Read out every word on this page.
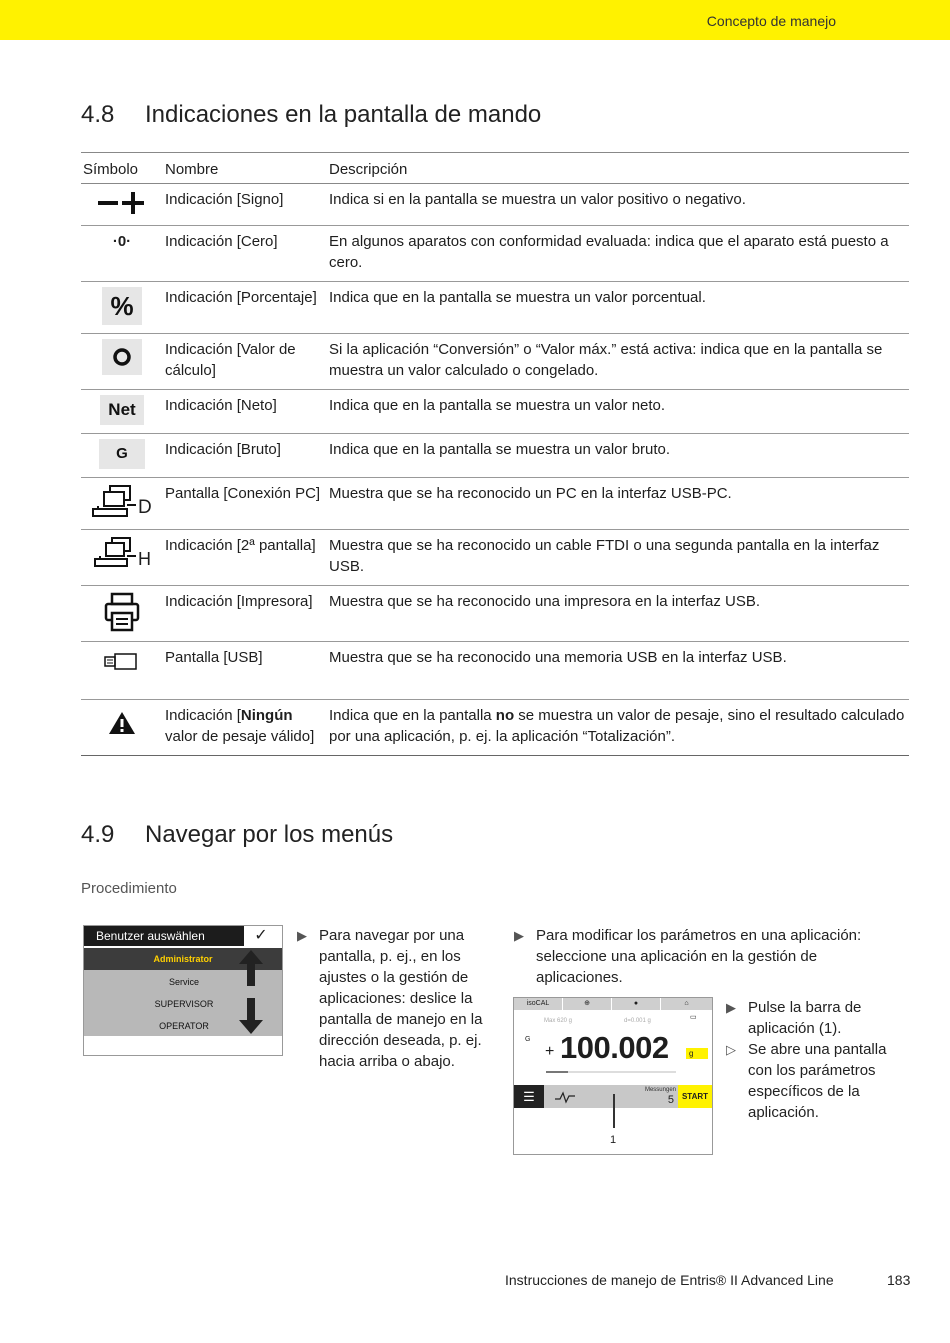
Concepto de manejo
4.8 Indicaciones en la pantalla de mando
Símbolo	Nombre	Descripción
	Indicación [Signo]	Indica si en la pantalla se muestra un valor positivo o negativo.
·0·	Indicación [Cero]	En algunos aparatos con conformidad evaluada: indica que el aparato está puesto a cero.
%	Indicación [Porcentaje]	Indica que en la pantalla se muestra un valor porcentual.
	Indicación [Valor de cálculo]	Si la aplicación “Conversión” o “Valor máx.” está activa: indica que en la pantalla se muestra un valor calculado o congelado.
Net	Indicación [Neto]	Indica que en la pantalla se muestra un valor neto.
G	Indicación [Bruto]	Indica que en la pantalla se muestra un valor bruto.

D	Pantalla [Conexión PC]	Muestra que se ha reconocido un PC en la interfaz USB-PC.

H	Indicación [2ª pantalla]	Muestra que se ha reconocido un cable FTDI o una segunda pantalla en la interfaz USB.
	Indicación [Impresora]	Muestra que se ha reconocido una impresora en la interfaz USB.
	Pantalla [USB]	Muestra que se ha reconocido una memoria USB en la interfaz USB.
	Indicación [Ningún valor de pesaje válido]	Indica que en la pantalla no se muestra un valor de pesaje, sino el resultado calculado por una aplicación, p. ej. la aplicación “Totalización”.
4.9 Navegar por los menús
Procedimiento
Benutzer auswählen	✓
Administrator
Service
SUPERVISOR
OPERATOR
▶ Para navegar por una pantalla, p. ej., en los ajustes o la gestión de aplicaciones: deslice la pantalla de manejo en la dirección deseada, p. ej. hacia arriba o abajo.
▶ Para modificar los parámetros en una aplicación: seleccione una aplicación en la gestión de aplicaciones.
isoCAL	⊕	●	⌂
Max 620 g	d=0.001 g	▭
G
+ 100.002	g
☰	Messungen
5 START
1
▶ Pulse la barra de aplicación (1).
▷ Se abre una pantalla con los parámetros específicos de la aplicación.
Instrucciones de manejo de Entris® II Advanced Line	183
